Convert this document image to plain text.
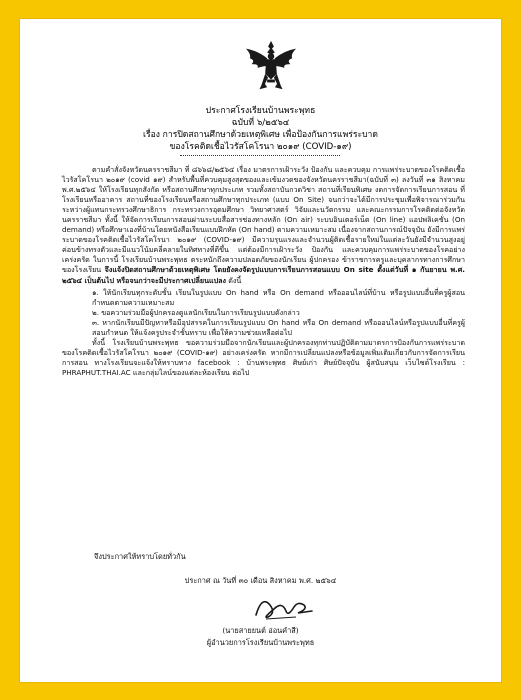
ประกาศโรงเรียนบ้านพระพุทธ
ฉบับที่ ๖/๒๕๖๔
เรื่อง การปิดสถานศึกษาด้วยเหตุพิเศษ เพื่อป้องกันการแพร่ระบาด
ของโรคติดเชื้อไวรัสโคโรนา ๒๐๑๙ (COVID-๑๙)

ตามคำสั่งจังหวัดนครราชสีมา ที่ ๘๖๖๘/๒๕๖๔ เรื่อง มาตรการเฝ้าระวัง ป้องกัน และควบคุม การแพร่ระบาดของโรคติดเชื้อไวรัสโคโรนา ๒๐๑๙ (covid ๑๙) สำหรับพื้นที่ควบคุมสูงสุดของและเข้มงวดของจังหวัดนครราชสีมา(ฉบับที่ ๓) ลงวันที่ ๓๑ สิงหาคม พ.ศ.๒๕๖๔ ให้โรงเรียนทุกสังกัด หรือสถานศึกษาทุกประเภท รวมทั้งสถาบันกวดวิชา สถานที่เรียนพิเศษ งดการจัดการเรียนการสอน ที่โรงเรียนหรืออาคาร สถานที่ของโรงเรียนหรือสถานศึกษาทุกประเภท (แบบ On Site) จนกว่าจะได้มีการประชุมเพื่อพิจารณาร่วมกันระหว่างผู้แทนกระทรวงศึกษาธิการ กระทรวงการอุดมศึกษา วิทยาศาสตร์ วิจัยและนวัตกรรม และคณะกรรมการโรคติดต่อจังหวัดนครราชสีมา ทั้งนี้ ให้จัดการเรียนการสอนผ่านระบบสื่อสารช่องทางหลัก (On air) ระบบอินเตอร์เน็ต (On line) แอปพลิเคชั่น (On demand) หรือศึกษาเองที่บ้านโดยหนังสือเรียนแบบฝึกหัด (On hand) ตามความเหมาะสม เนื่องจากสถานการณ์ปัจจุบัน ยังมีการแพร่ระบาดของโรคติดเชื้อไวรัสโคโรนา ๒๐๑๙ (COVID-๑๙) มีความรุนแรงและจำนวนผู้ติดเชื้อรายใหม่ในแต่ละวันยังมีจำนวนสูงอยู่ ค่อนข้างทรงตัวและมีแนวโน้มคลี่คลายในทิศทางที่ดีขึ้น แต่ต้องมีการเฝ้าระวัง ป้องกัน และควบคุมการแพร่ระบาดของโรคอย่างเคร่งครัด ในการนี้ โรงเรียนบ้านพระพุทธ ตระหนักถึงความปลอดภัยของนักเรียน ผู้ปกครอง ข้าราชการครูและบุคลากรทางการศึกษาของโรงเรียน จึงแจ้งปิดสถานศึกษาด้วยเหตุพิเศษ โดยยังคงจัดรูปแบบการเรียนการสอนแบบ On site ตั้งแต่วันที่ ๑ กันยายน พ.ศ. ๒๕๖๔ เป็นต้นไป หรือจนกว่าจะมีประกาศเปลี่ยนแปลง ดังนี้

๑. ให้นักเรียนทุกระดับชั้น เรียนในรูปแบบ On hand หรือ On demand หรือออนไลน์ที่บ้าน หรือรูปแบบอื่นที่ครูผู้สอนกำหนดตามความเหมาะสม

๒. ขอความร่วมมือผู้ปกครองดูแลนักเรียนในการเรียนรูปแบบดังกล่าว

๓. หากนักเรียนมีปัญหาหรือมีอุปสรรคในการเรียนรูปแบบ On hand หรือ On demand หรือออนไลน์หรือรูปแบบอื่นที่ครูผู้สอนกำหนด ให้แจ้งครูประจำชั้นทราบ เพื่อให้ความช่วยเหลือต่อไป

ทั้งนี้ โรงเรียนบ้านพระพุทธ ขอความร่วมมือจากนักเรียนและผู้ปกครองทุกท่านปฏิบัติตามมาตรการป้องกันการแพร่ระบาดของโรคติดเชื้อไวรัสโคโรนา ๒๐๑๙ (COVID-๑๙) อย่างเคร่งครัด หากมีการเปลี่ยนแปลงหรือข้อมูลเพิ่มเติมเกี่ยวกับการจัดการเรียนการสอน ทางโรงเรียนจะแจ้งให้ทราบทาง facebook : บ้านพระพุทธ ศิษย์เก่า ศิษย์ปัจจุบัน ผู้สนับสนุน เว็บไซต์โรงเรียน : PHRAPHUT.THAI.AC และกลุ่มไลน์ของแต่ละห้องเรียน ต่อไป

จึงประกาศให้ทราบโดยทั่วกัน
ประกาศ ณ วันที่ ๓๐ เดือน สิงหาคม พ.ศ. ๒๕๖๔
(นายสายยนต์ อ่อนคำสี)
ผู้อำนวยการโรงเรียนบ้านพระพุทธ
